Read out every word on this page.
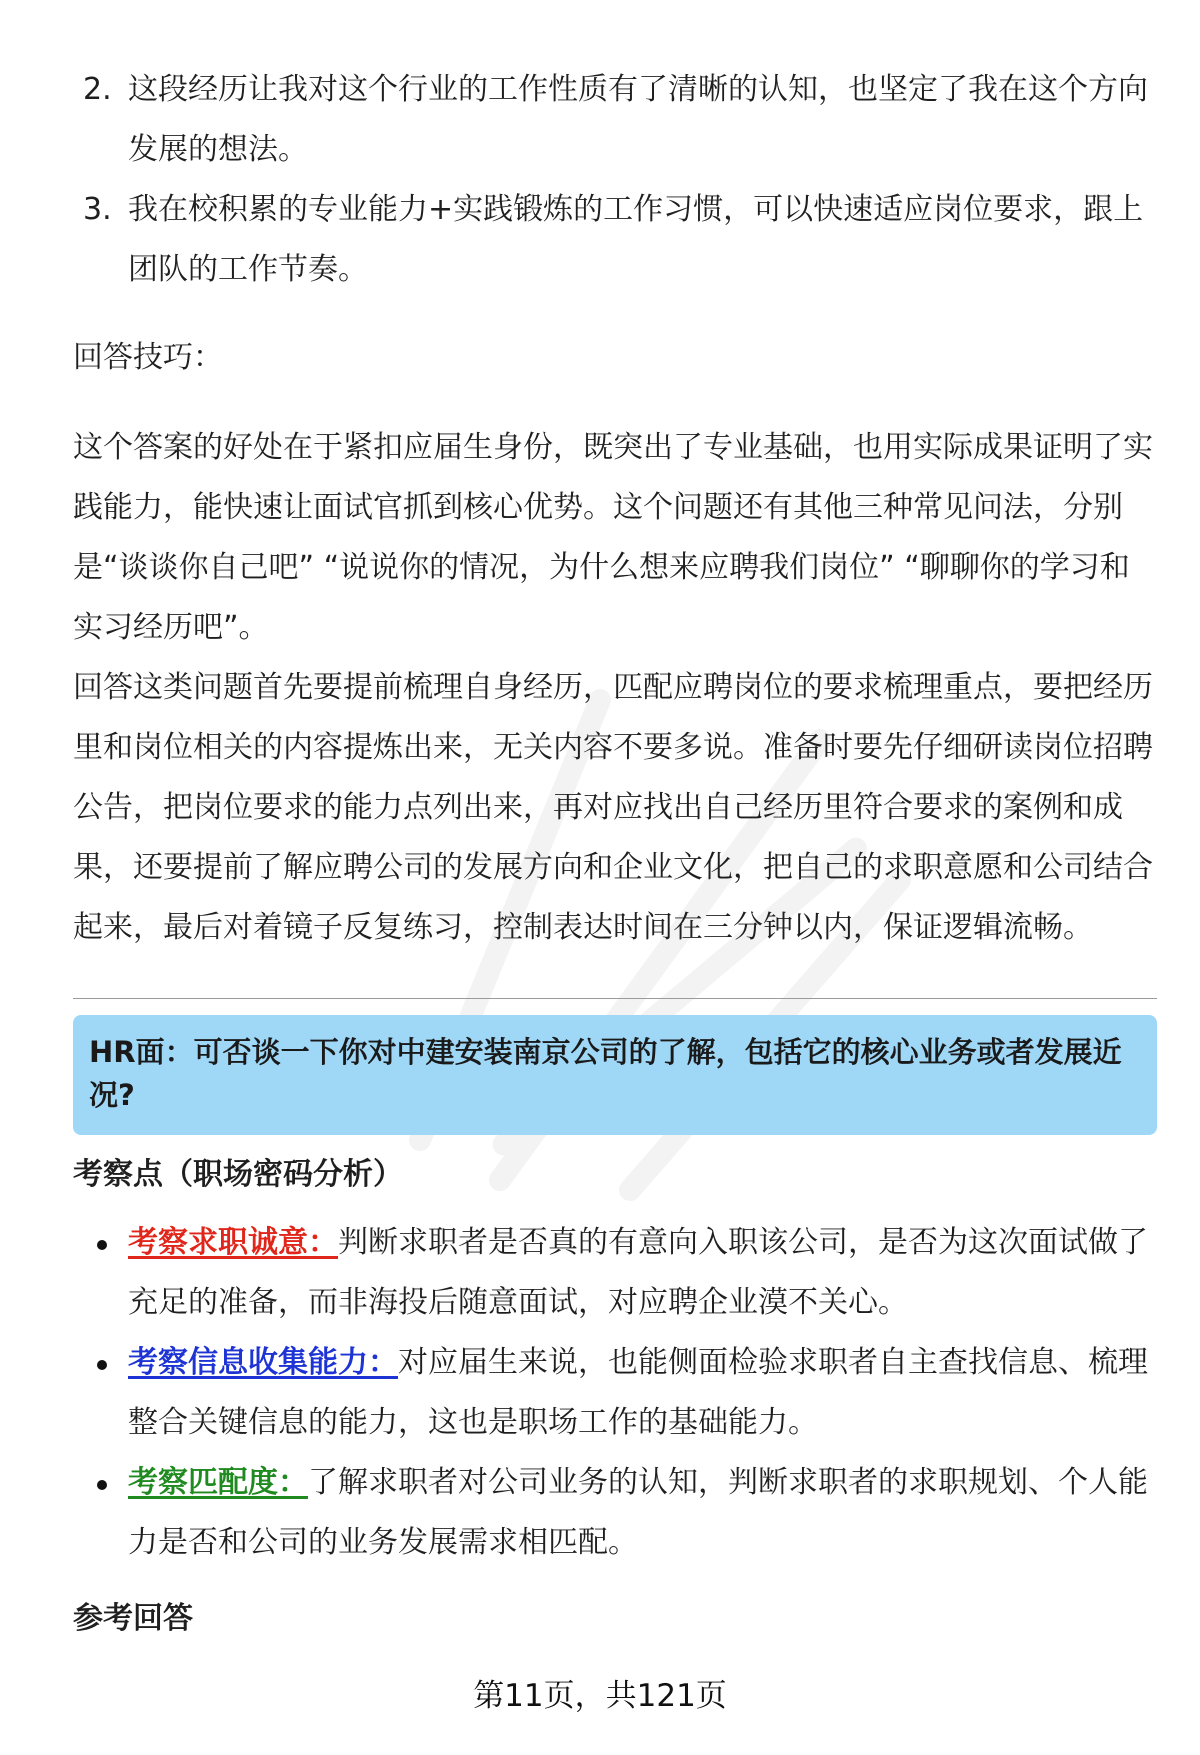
2. 这段经历让我对这个行业的工作性质有了清晰的认知，也坚定了我在这个方向发展的想法。
3. 我在校积累的专业能力+实践锻炼的工作习惯，可以快速适应岗位要求，跟上团队的工作节奏。
回答技巧：

这个答案的好处在于紧扣应届生身份，既突出了专业基础，也用实际成果证明了实践能力，能快速让面试官抓到核心优势。这个问题还有其他三种常见问法，分别是“谈谈你自己吧” “说说你的情况，为什么想来应聘我们岗位” “聊聊你的学习和实习经历吧”。

回答这类问题首先要提前梳理自身经历，匹配应聘岗位的要求梳理重点，要把经历里和岗位相关的内容提炼出来，无关内容不要多说。准备时要先仔细研读岗位招聘公告，把岗位要求的能力点列出来，再对应找出自己经历里符合要求的案例和成果，还要提前了解应聘公司的发展方向和企业文化，把自己的求职意愿和公司结合起来，最后对着镜子反复练习，控制表达时间在三分钟以内，保证逻辑流畅。

HR面：可否谈一下你对中建安装南京公司的了解，包括它的核心业务或者发展近况?
考察点（职场密码分析）
考察求职诚意：判断求职者是否真的有意向入职该公司，是否为这次面试做了充足的准备，而非海投后随意面试，对应聘企业漠不关心。
考察信息收集能力：对应届生来说，也能侧面检验求职者自主查找信息、梳理整合关键信息的能力，这也是职场工作的基础能力。
考察匹配度：了解求职者对公司业务的认知，判断求职者的求职规划、个人能力是否和公司的业务发展需求相匹配。
参考回答
第11页，共121页
